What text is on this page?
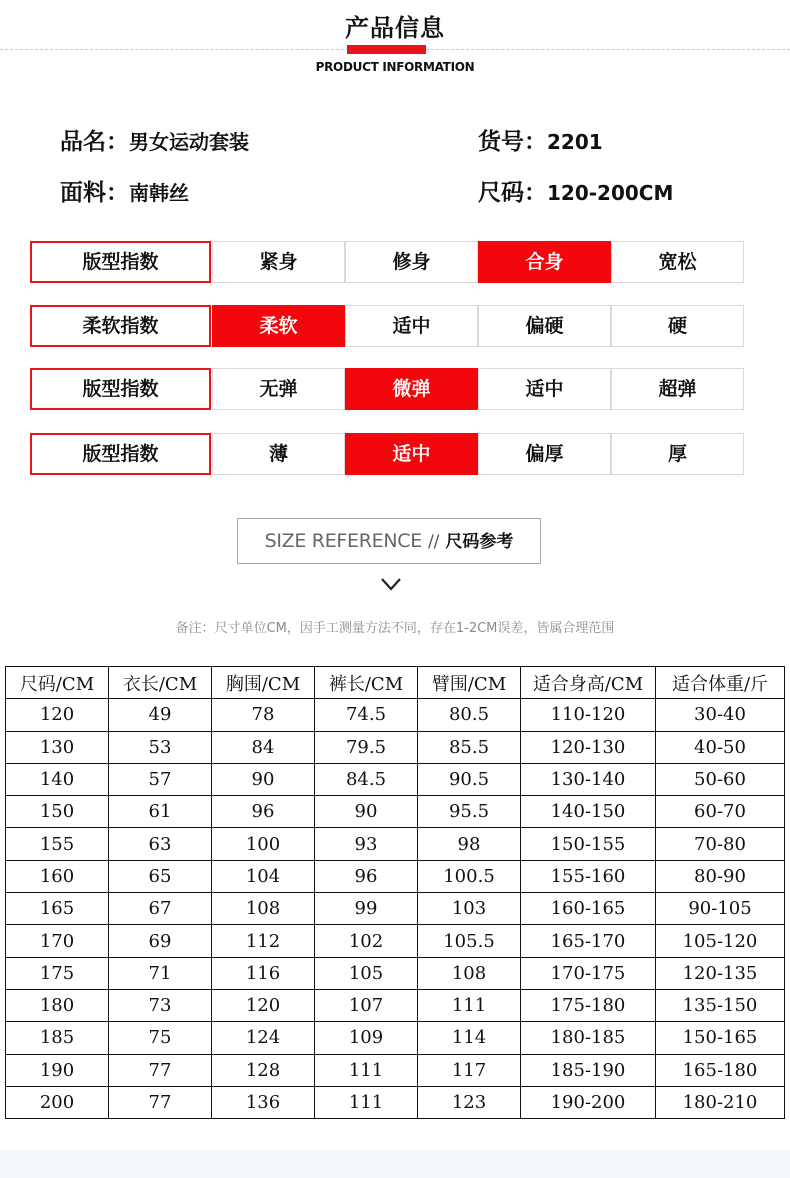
产品信息
PRODUCT INFORMATION
品名：男女运动套装	货号：2201
面料：南韩丝	尺码：120-200CM
版型指数	紧身	修身	合身	宽松
柔软指数	柔软	适中	偏硬	硬
版型指数	无弹	微弹	适中	超弹
版型指数	薄	适中	偏厚	厚
SIZE REFERENCE // 尺码参考
备注：尺寸单位CM，因手工测量方法不同，存在1-2CM误差，皆属合理范围
尺码/CM	衣长/CM	胸围/CM	裤长/CM	臂围/CM	适合身高/CM	适合体重/斤
120	49	78	74.5	80.5	110-120	30-40
130	53	84	79.5	85.5	120-130	40-50
140	57	90	84.5	90.5	130-140	50-60
150	61	96	90	95.5	140-150	60-70
155	63	100	93	98	150-155	70-80
160	65	104	96	100.5	155-160	80-90
165	67	108	99	103	160-165	90-105
170	69	112	102	105.5	165-170	105-120
175	71	116	105	108	170-175	120-135
180	73	120	107	111	175-180	135-150
185	75	124	109	114	180-185	150-165
190	77	128	111	117	185-190	165-180
200	77	136	111	123	190-200	180-210
